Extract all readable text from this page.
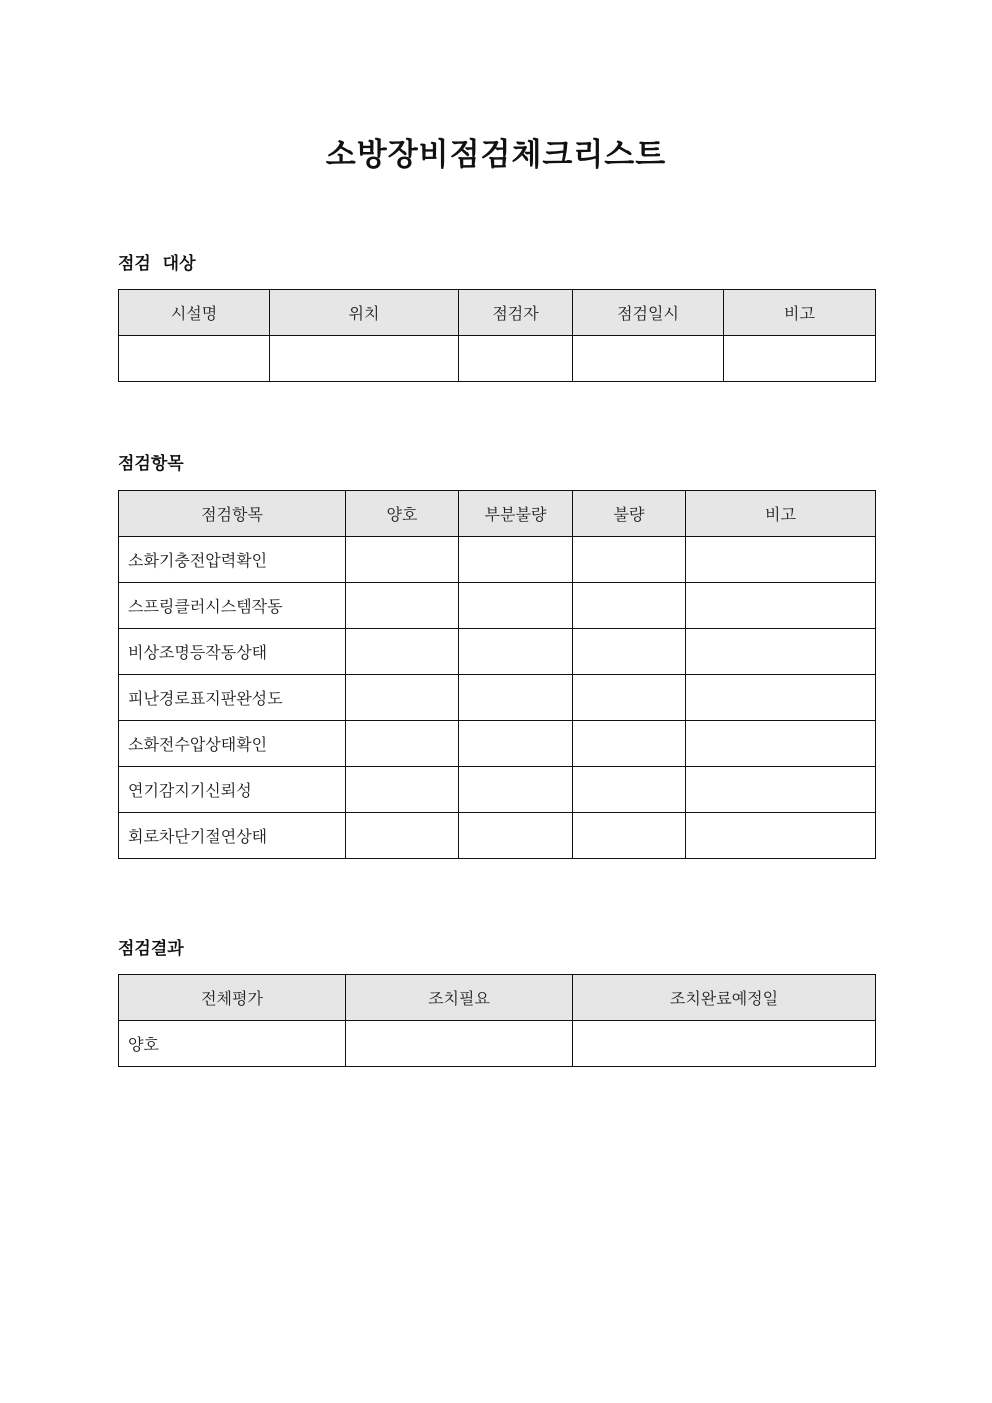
소방장비점검체크리스트
점검  대상
시설명	위치	점검자	점검일시	비고

점검항목
점검항목	양호	부분불량	불량	비고
소화기충전압력확인				
스프링클러시스템작동				
비상조명등작동상태				
피난경로표지판완성도				
소화전수압상태확인				
연기감지기신뢰성				
회로차단기절연상태				
점검결과
전체평가	조치필요	조치완료예정일
양호		
